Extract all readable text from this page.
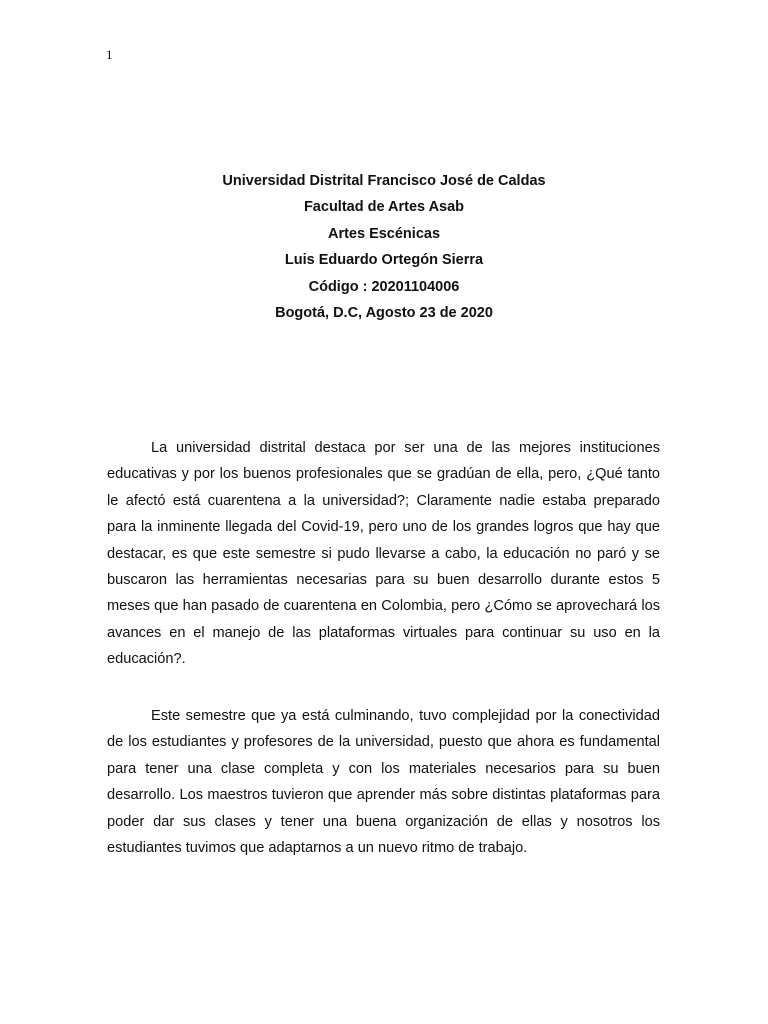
1
Universidad Distrital Francisco José de Caldas
Facultad de Artes Asab
Artes Escénicas
Luis Eduardo Ortegón Sierra
Código : 20201104006
Bogotá, D.C, Agosto 23 de 2020

La universidad distrital destaca por ser una de las mejores instituciones educativas y por los buenos profesionales que se gradúan de ella, pero, ¿Qué tanto le afectó está cuarentena a la universidad?; Claramente nadie estaba preparado para la inminente llegada del Covid-19, pero uno de los grandes logros que hay que destacar, es que este semestre si pudo llevarse a cabo, la educación no paró y se buscaron las herramientas necesarias para su buen desarrollo durante estos 5 meses que han pasado de cuarentena en Colombia, pero ¿Cómo se aprovechará los avances en el manejo de las plataformas virtuales para continuar su uso en la educación?.

Este semestre que ya está culminando, tuvo complejidad por la conectividad de los estudiantes y profesores de la universidad, puesto que ahora es fundamental para tener una clase completa y con los materiales necesarios para su buen desarrollo. Los maestros tuvieron que aprender más sobre distintas plataformas para poder dar sus clases y tener una buena organización de ellas y nosotros los estudiantes tuvimos que adaptarnos a un nuevo ritmo de trabajo.
